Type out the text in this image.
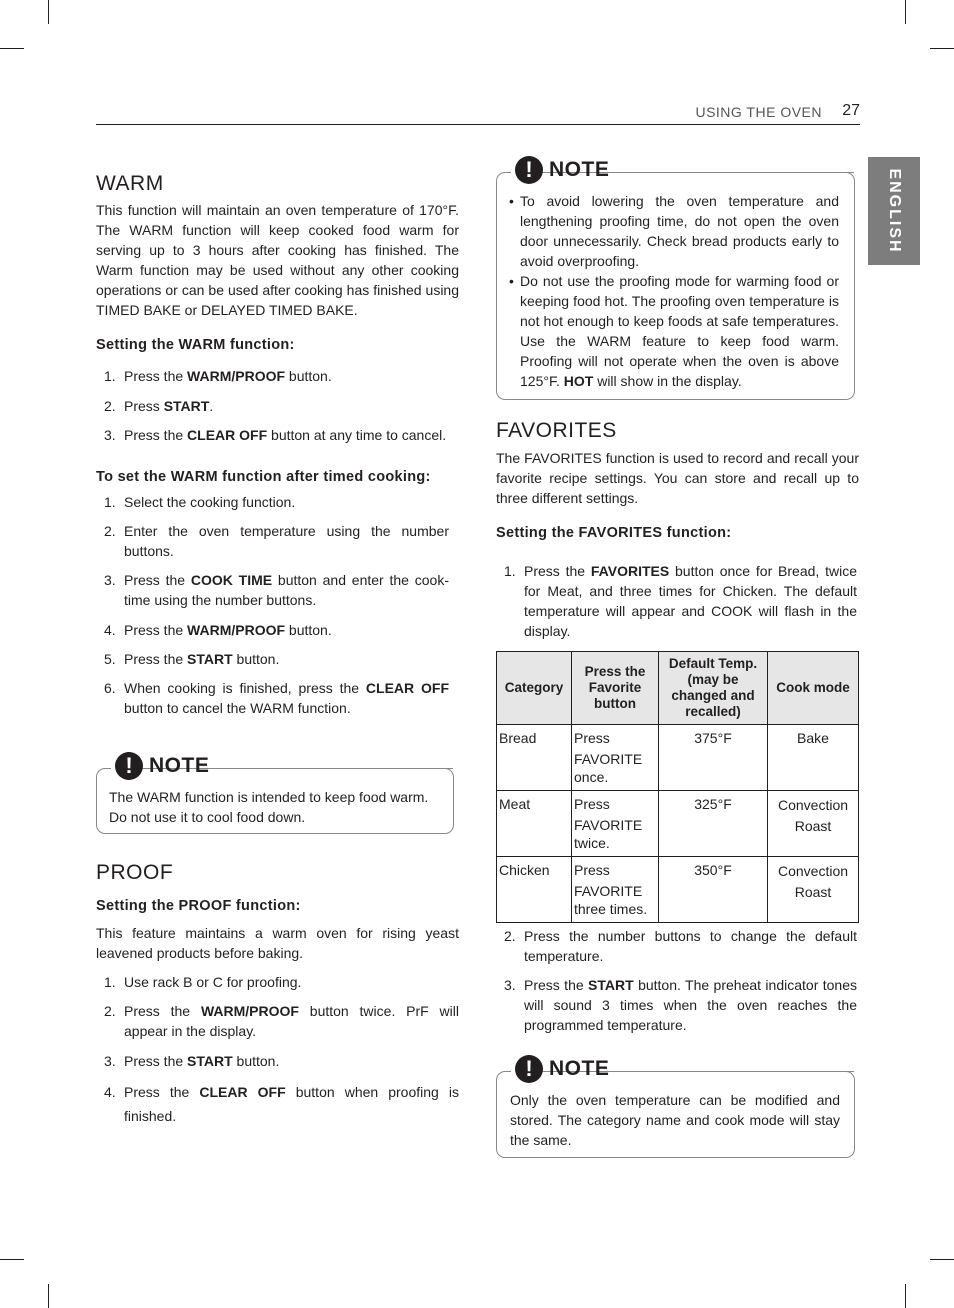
USING THE OVEN 27
ENGLISH
WARM

This function will maintain an oven temperature of 170°F. The WARM function will keep cooked food warm for serving up to 3 hours after cooking has finished. The Warm function may be used without any other cooking operations or can be used after cooking has finished using TIMED BAKE or DELAYED TIMED BAKE.

Setting the WARM function:
1. Press the WARM/PROOF button.
2. Press START.
3. Press the CLEAR OFF button at any time to cancel.
To set the WARM function after timed cooking:
1. Select the cooking function.
2. Enter the oven temperature using the number buttons.
3. Press the COOK TIME button and enter the cook-time using the number buttons.
4. Press the WARM/PROOF button.
5. Press the START button.
6. When cooking is finished, press the CLEAR OFF button to cancel the WARM function.
!
NOTE
The WARM function is intended to keep food warm. Do not use it to cool food down.
PROOF
Setting the PROOF function:

This feature maintains a warm oven for rising yeast leavened products before baking.

1. Use rack B or C for proofing.
2. Press the WARM/PROOF button twice. PrF will appear in the display.
3. Press the START button.
4. Press the CLEAR OFF button when proofing is finished.
!
NOTE
• To avoid lowering the oven temperature and lengthening proofing time, do not open the oven door unnecessarily. Check bread products early to avoid overproofing.
• Do not use the proofing mode for warming food or keeping food hot. The proofing oven temperature is not hot enough to keep foods at safe temperatures. Use the WARM feature to keep food warm. Proofing will not operate when the oven is above 125°F. HOT will show in the display.
FAVORITES

The FAVORITES function is used to record and recall your favorite recipe settings. You can store and recall up to three different settings.

Setting the FAVORITES function:
1. Press the FAVORITES button once for Bread, twice for Meat, and three times for Chicken. The default temperature will appear and COOK will flash in the display.
Category	Press the Favorite button	Default Temp. (may be changed and recalled)	Cook mode
Bread	Press
FAVORITE once.	375°F	Bake
Meat	Press
FAVORITE twice.	325°F	Convection Roast
Chicken	Press
FAVORITE three times.	350°F	Convection Roast
2. Press the number buttons to change the default temperature.
3. Press the START button. The preheat indicator tones will sound 3 times when the oven reaches the programmed temperature.
!
NOTE
Only the oven temperature can be modified and stored. The category name and cook mode will stay the same.
